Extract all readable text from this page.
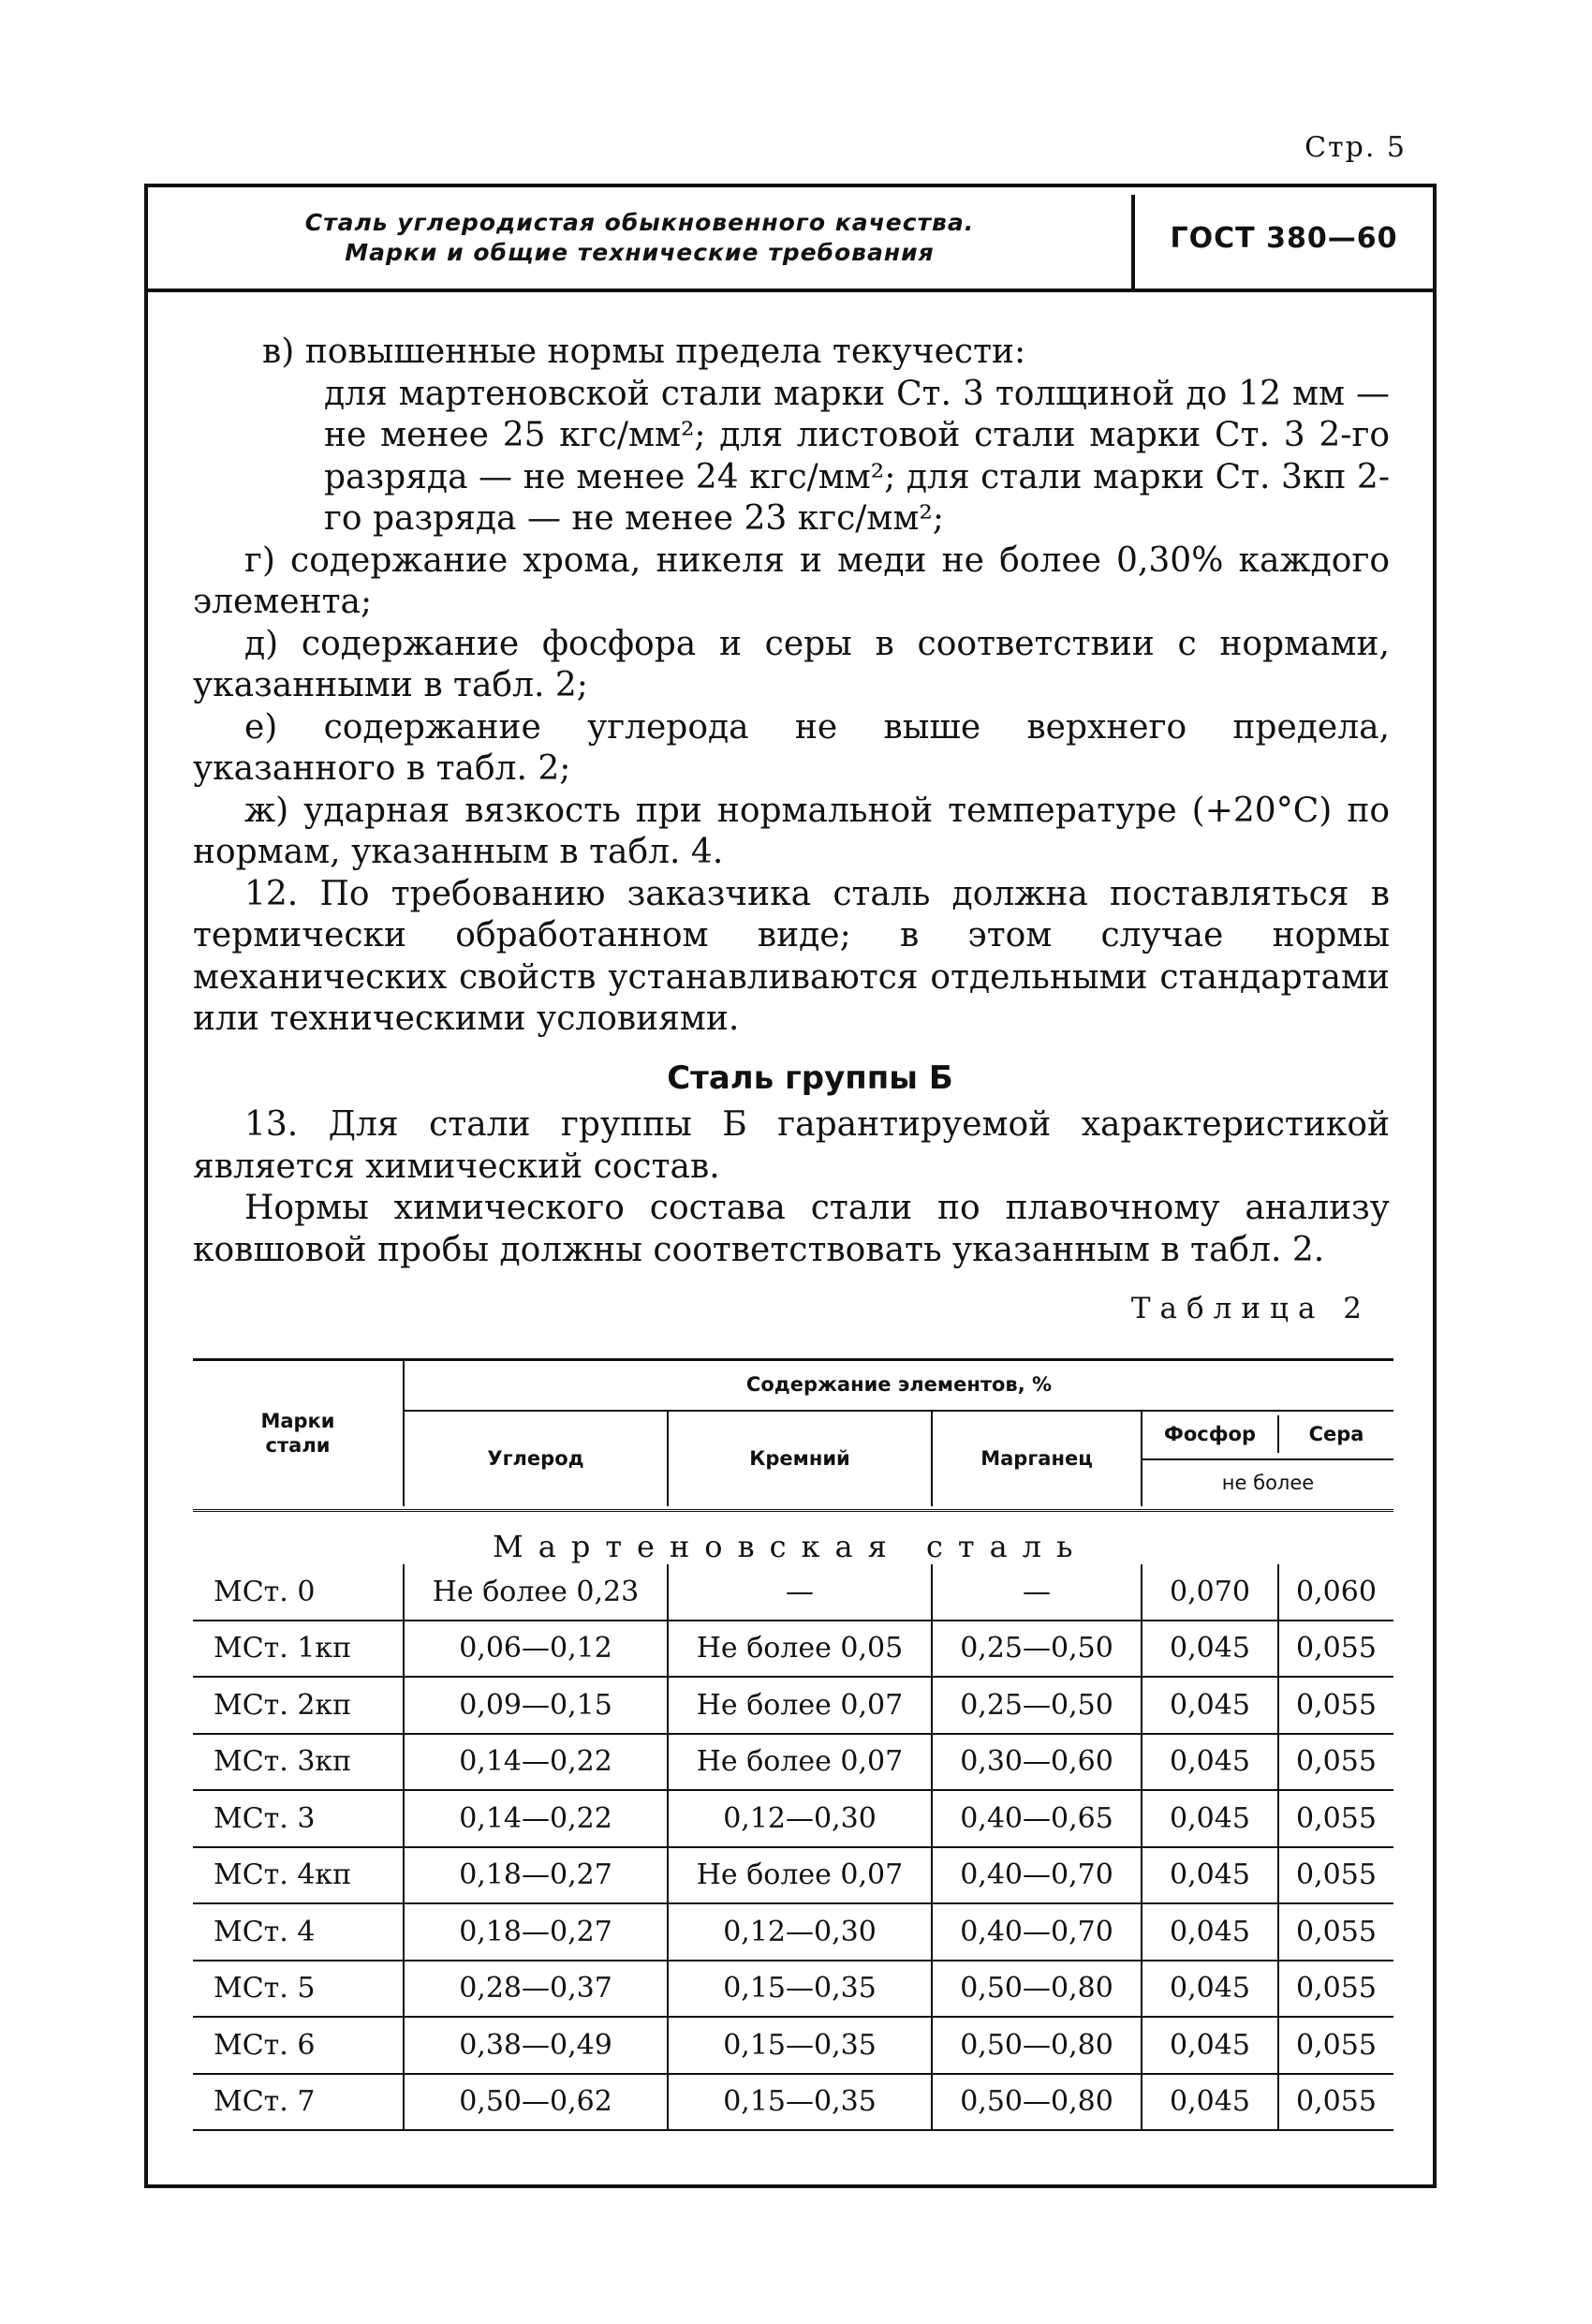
Стр. 5
Сталь углеродистая обыкновенного качества.
Марки и общие технические требования	ГОСТ 380—60

в) повышенные нормы предела текучести:

для мартеновской стали марки Ст. 3 толщиной до 12 мм — не менее 25 кгс/мм²; для листовой стали марки Ст. 3 2-го разряда — не менее 24 кгс/мм²; для стали марки Ст. 3кп 2-го разряда — не менее 23 кгс/мм²;

г) содержание хрома, никеля и меди не более 0,30% каждого элемента;

д) содержание фосфора и серы в соответствии с нормами, указанными в табл. 2;

е) содержание углерода не выше верхнего предела, указанного в табл. 2;

ж) ударная вязкость при нормальной температуре (+20°С) по нормам, указанным в табл. 4.

12. По требованию заказчика сталь должна поставляться в термически обработанном виде; в этом случае нормы механических свойств устанавливаются отдельными стандартами или техническими условиями.

Сталь группы Б

13. Для стали группы Б гарантируемой характеристикой является химический состав.

Нормы химического состава стали по плавочному анализу ковшовой пробы должны соответствовать указанным в табл. 2.

Таблица 2
Марки стали
Содержание элементов, %
Углерод	Кремний	Марганец
Фосфор	Сера
не более
Мартеновская сталь
МСт. 0	Не более 0,23	—	—	0,070	0,060
МСт. 1кп	0,06—0,12	Не более 0,05	0,25—0,50	0,045	0,055
МСт. 2кп	0,09—0,15	Не более 0,07	0,25—0,50	0,045	0,055
МСт. 3кп	0,14—0,22	Не более 0,07	0,30—0,60	0,045	0,055
МСт. 3	0,14—0,22	0,12—0,30	0,40—0,65	0,045	0,055
МСт. 4кп	0,18—0,27	Не более 0,07	0,40—0,70	0,045	0,055
МСт. 4	0,18—0,27	0,12—0,30	0,40—0,70	0,045	0,055
МСт. 5	0,28—0,37	0,15—0,35	0,50—0,80	0,045	0,055
МСт. 6	0,38—0,49	0,15—0,35	0,50—0,80	0,045	0,055
МСт. 7	0,50—0,62	0,15—0,35	0,50—0,80	0,045	0,055
